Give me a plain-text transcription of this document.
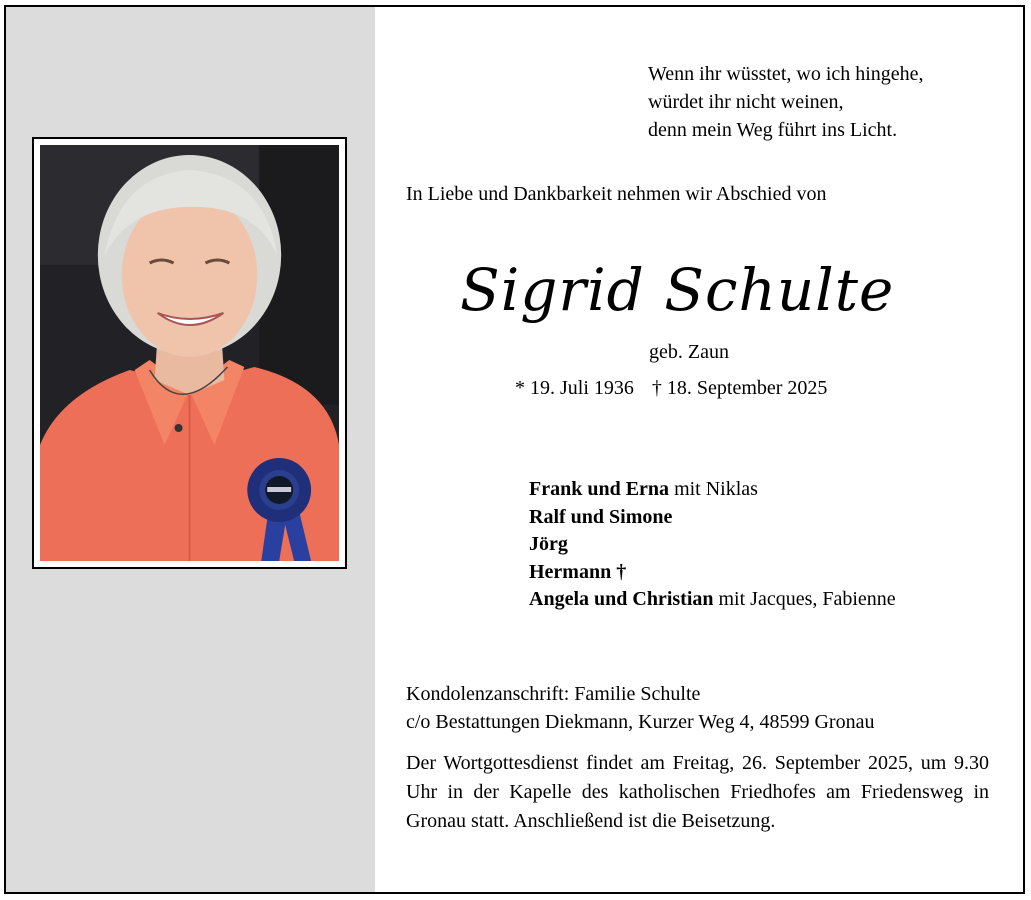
Wenn ihr wüsstet, wo ich hingehe,
würdet ihr nicht weinen,
denn mein Weg führt ins Licht.
In Liebe und Dankbarkeit nehmen wir Abschied von
Sigrid Schulte
geb. Zaun
* 19. Juli 1936 † 18. September 2025
Frank und Erna mit Niklas
Ralf und Simone
Jörg
Hermann †
Angela und Christian mit Jacques, Fabienne
Kondolenzanschrift: Familie Schulte
c/o Bestattungen Diekmann, Kurzer Weg 4, 48599 Gronau
Der Wortgottesdienst findet am Freitag, 26. September 2025, um 9.30 Uhr in der Kapelle des katholischen Friedhofes am Friedensweg in Gronau statt. Anschließend ist die Beisetzung.
